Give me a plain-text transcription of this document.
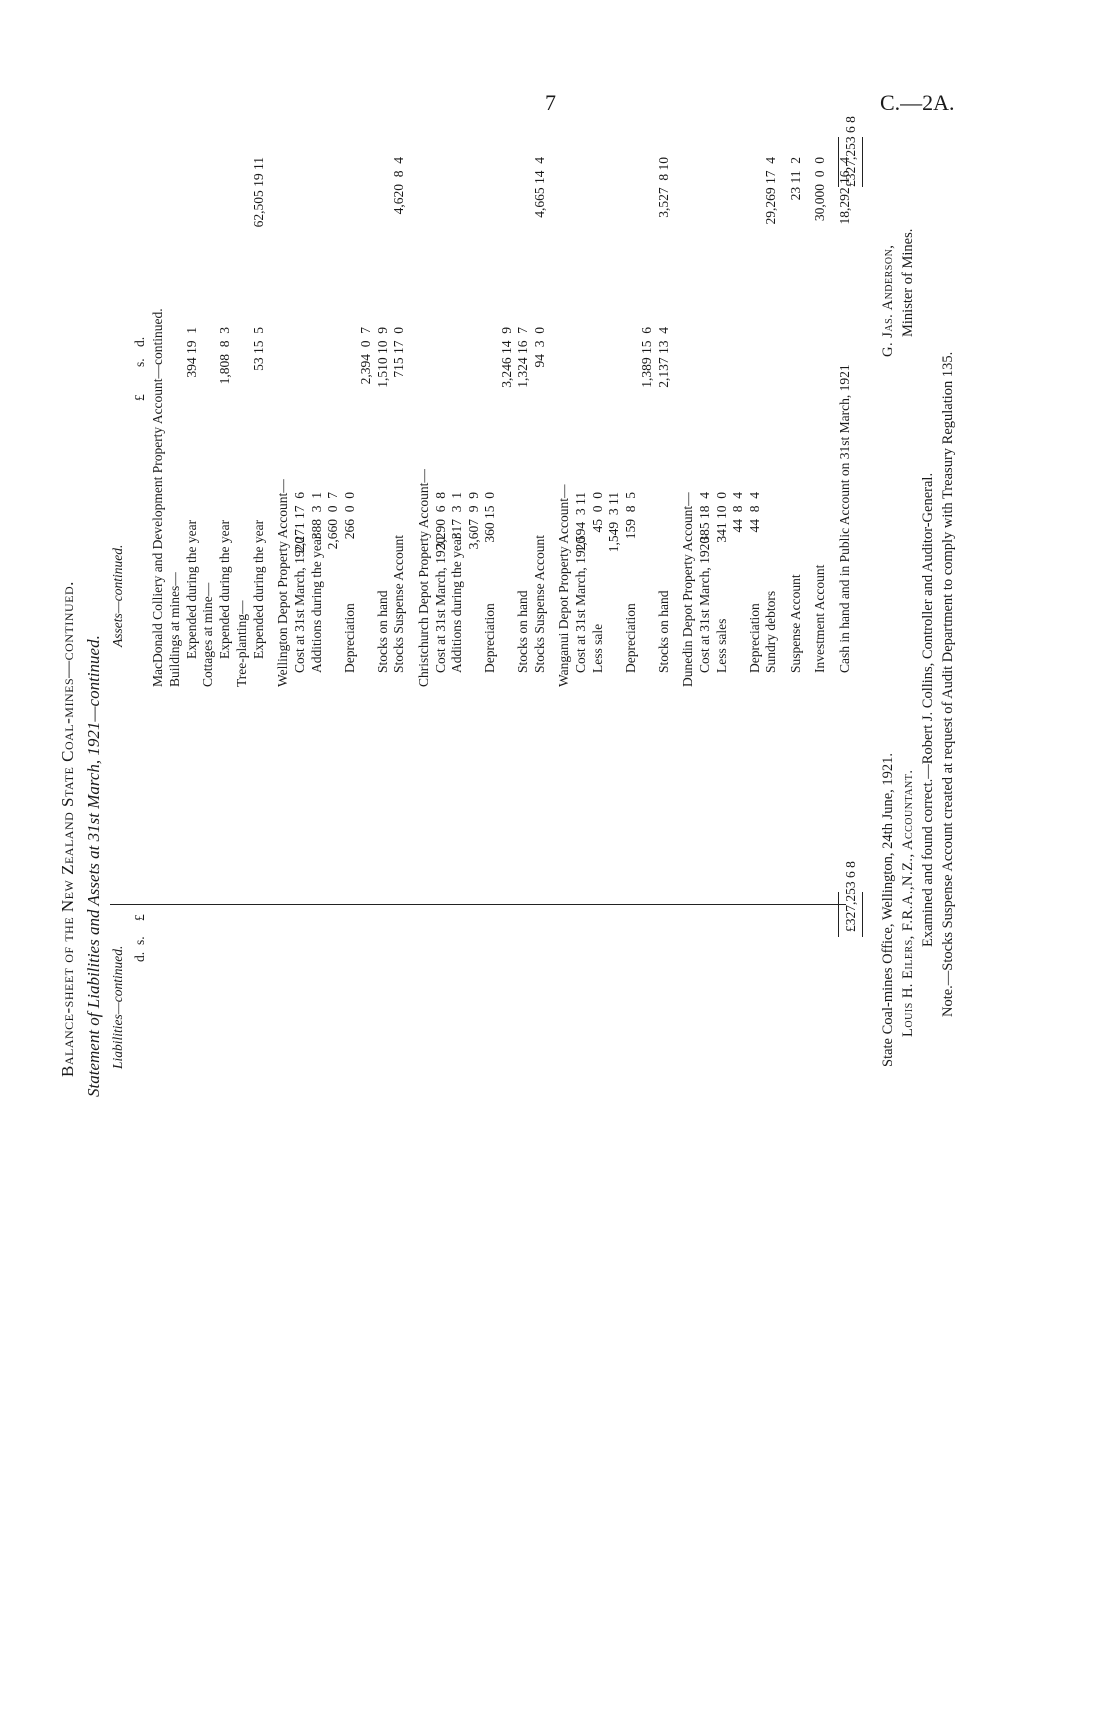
7	C.—2A.
Balance-sheet of the New Zealand State Coal-mines—continued. Statement of Liabilities and Assets at 31st March, 1921—continued. Liabilities—continued.
£
s.
d.
£327,253 6 8
Assets—continued.
£
s.
d. MacDonald Colliery and Development Property Account—continued. Buildings at mines— Expended during the year
394 19  1
Cottages at mine— Expended during the year
1,808  8  3
Tree-planting— Expended during the year
53 15  5
62,505 19 11
Wellington Depot Property Account— Cost at 31st March, 1920
2,271 17  6
Additions during the year
388  3  1 2,660  0  7
Depreciation
266  0  0
2,394  0  7
Stocks on hand
1,510 10  9
Stocks Suspense Account
715 17  0
4,620  8  4
Christchurch Depot Property Account— Cost at 31st March, 1920
3,290  6  8
Additions during the year
317  3  1 3,607  9  9
Depreciation
360 15  0
3,246 14  9
Stocks on hand
1,324 16  7
Stocks Suspense Account
94  3  0
4,665 14  4
Wanganui Depot Property Account— Cost at 31st March, 1920
1,594  3 11
Less sale
45  0  0 1,549  3 11
Depreciation
159  8  5
1,389 15  6
Stocks on hand
2,137 13  4
3,527  8 10
Dunedin Depot Property Account— Cost at 31st March, 1920
385 18  4
Less sales
341 10  0 44  8  4
Depreciation
44  8  4
Sundry debtors
29,269 17  4
Suspense Account
23 11  2
Investment Account
30,000  0  0
Cash in hand and in Public Account on 31st March, 1921
18,292 16  4
£327,253 6 8
State Coal-mines Office, Wellington, 24th June, 1921. Louis H. Eilers, F.R.A.,N.Z., Accountant.
G. Jas. Anderson, Minister of Mines.
Examined and found correct.—Robert J. Collins, Controller and Auditor-General. Note.—Stocks Suspense Account created at request of Audit Department to comply with Treasury Regulation 135.
